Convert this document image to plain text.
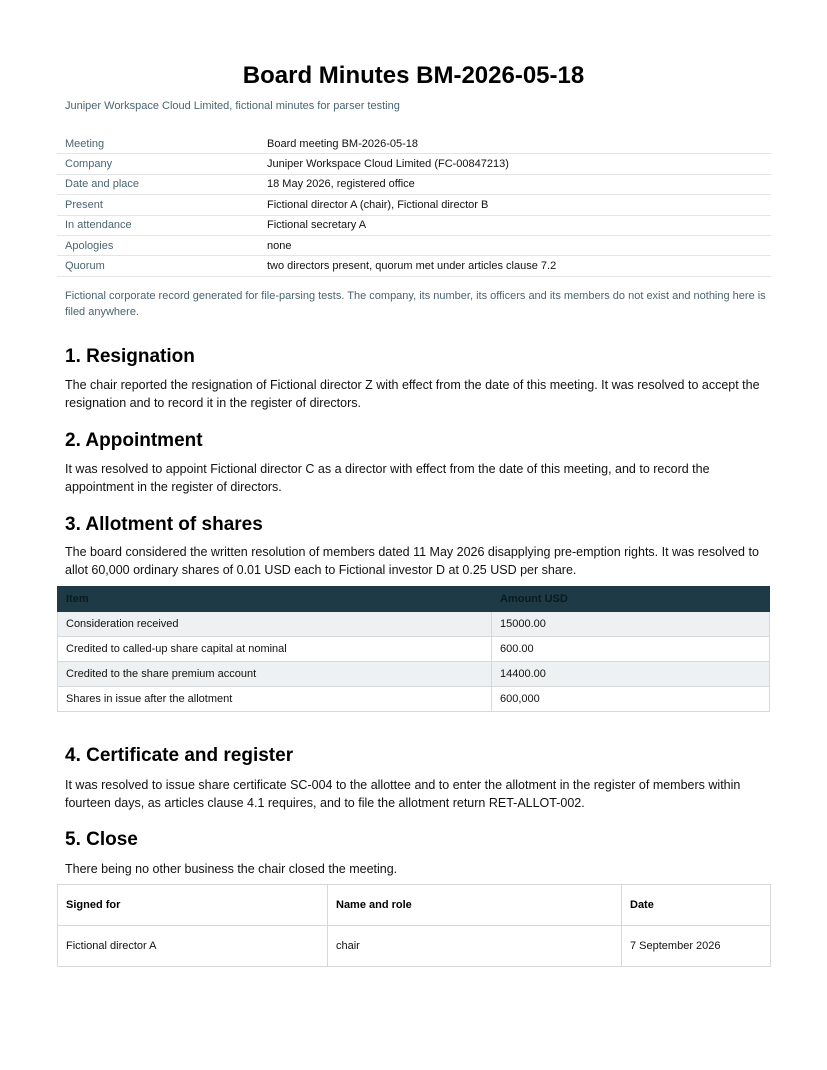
Board Minutes BM-2026-05-18

Juniper Workspace Cloud Limited, fictional minutes for parser testing

Meeting	Board meeting BM-2026-05-18
Company	Juniper Workspace Cloud Limited (FC-00847213)
Date and place	18 May 2026, registered office
Present	Fictional director A (chair), Fictional director B
In attendance	Fictional secretary A
Apologies	none
Quorum	two directors present, quorum met under articles clause 7.2

Fictional corporate record generated for file-parsing tests. The company, its number, its officers and its members do not exist and nothing here is filed anywhere.

1. Resignation

The chair reported the resignation of Fictional director Z with effect from the date of this meeting. It was resolved to accept the resignation and to record it in the register of directors.

2. Appointment

It was resolved to appoint Fictional director C as a director with effect from the date of this meeting, and to record the appointment in the register of directors.

3. Allotment of shares

The board considered the written resolution of members dated 11 May 2026 disapplying pre-emption rights. It was resolved to allot 60,000 ordinary shares of 0.01 USD each to Fictional investor D at 0.25 USD per share.

Item	Amount USD
Consideration received	15000.00
Credited to called-up share capital at nominal	600.00
Credited to the share premium account	14400.00
Shares in issue after the allotment	600,000
4. Certificate and register

It was resolved to issue share certificate SC-004 to the allottee and to enter the allotment in the register of members within fourteen days, as articles clause 4.1 requires, and to file the allotment return RET-ALLOT-002.

5. Close

There being no other business the chair closed the meeting.

Signed for	Name and role	Date
Fictional director A	chair	7 September 2026
